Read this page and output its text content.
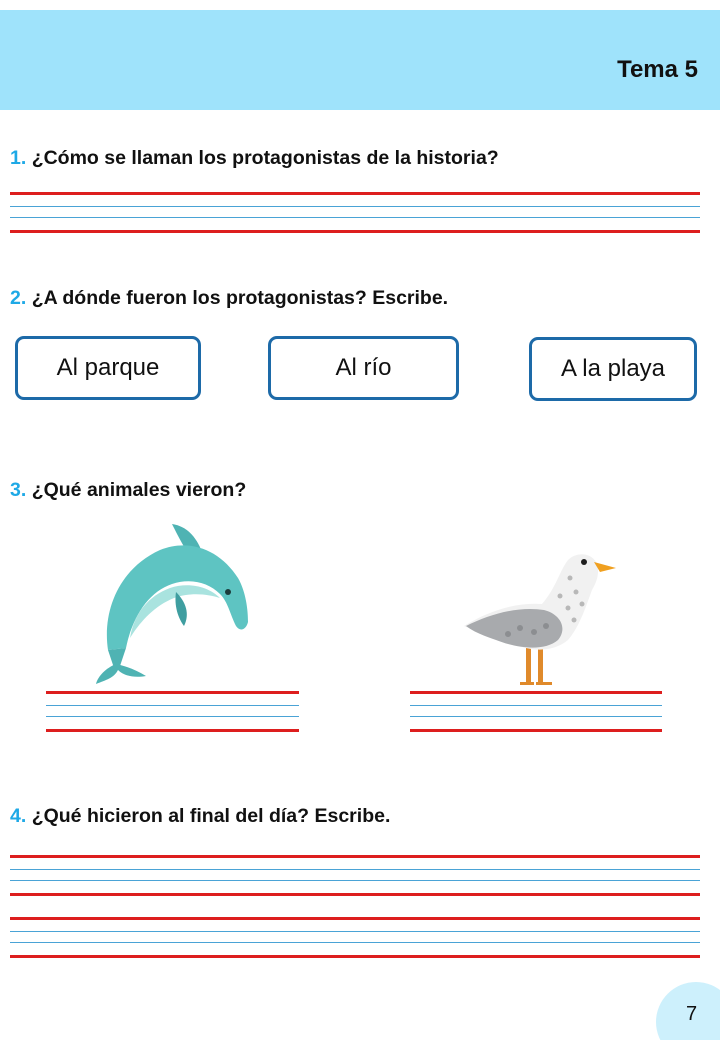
Tema 5
1. ¿Cómo se llaman los protagonistas de la historia?
2. ¿A dónde fueron los protagonistas? Escribe.
Al parque	Al río	A la playa
3. ¿Qué animales vieron?
4. ¿Qué hicieron al final del día? Escribe.
7
